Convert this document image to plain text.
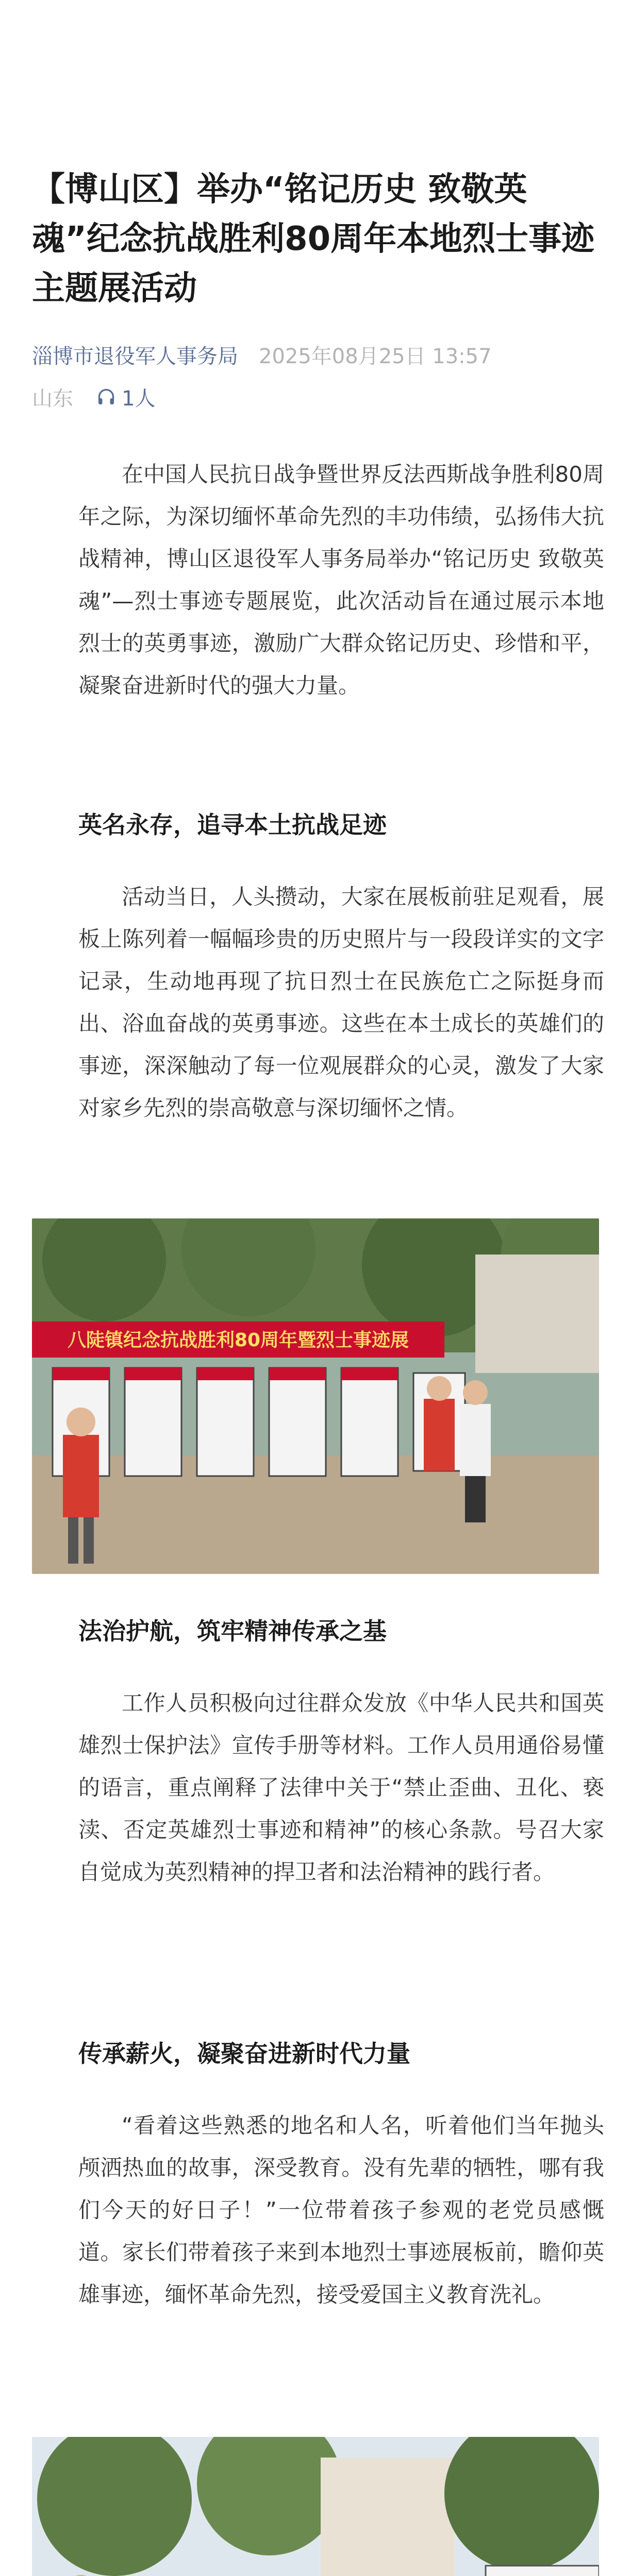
【博山区】举办“铭记历史 致敬英魂”纪念抗战胜利80周年本地烈士事迹主题展活动
淄博市退役军人事务局 2025年08月25日 13:57
山东 1人

在中国人民抗日战争暨世界反法西斯战争胜利80周年之际，为深切缅怀革命先烈的丰功伟绩，弘扬伟大抗战精神，博山区退役军人事务局举办“铭记历史 致敬英魂”—烈士事迹专题展览，此次活动旨在通过展示本地烈士的英勇事迹，激励广大群众铭记历史、珍惜和平，凝聚奋进新时代的强大力量。

英名永存，追寻本土抗战足迹

活动当日，人头攒动，大家在展板前驻足观看，展板上陈列着一幅幅珍贵的历史照片与一段段详实的文字记录，生动地再现了抗日烈士在民族危亡之际挺身而出、浴血奋战的英勇事迹。这些在本土成长的英雄们的事迹，深深触动了每一位观展群众的心灵，激发了大家对家乡先烈的崇高敬意与深切缅怀之情。

八陡镇纪念抗战胜利80周年暨烈士事迹展
法治护航，筑牢精神传承之基

工作人员积极向过往群众发放《中华人民共和国英雄烈士保护法》宣传手册等材料。工作人员用通俗易懂的语言，重点阐释了法律中关于“禁止歪曲、丑化、亵渎、否定英雄烈士事迹和精神”的核心条款。号召大家自觉成为英烈精神的捍卫者和法治精神的践行者。

传承薪火，凝聚奋进新时代力量

“看着这些熟悉的地名和人名，听着他们当年抛头颅洒热血的故事，深受教育。没有先辈的牺牲，哪有我们今天的好日子！”一位带着孩子参观的老党员感慨道。家长们带着孩子来到本地烈士事迹展板前，瞻仰英雄事迹，缅怀革命先烈，接受爱国主义教育洗礼。
